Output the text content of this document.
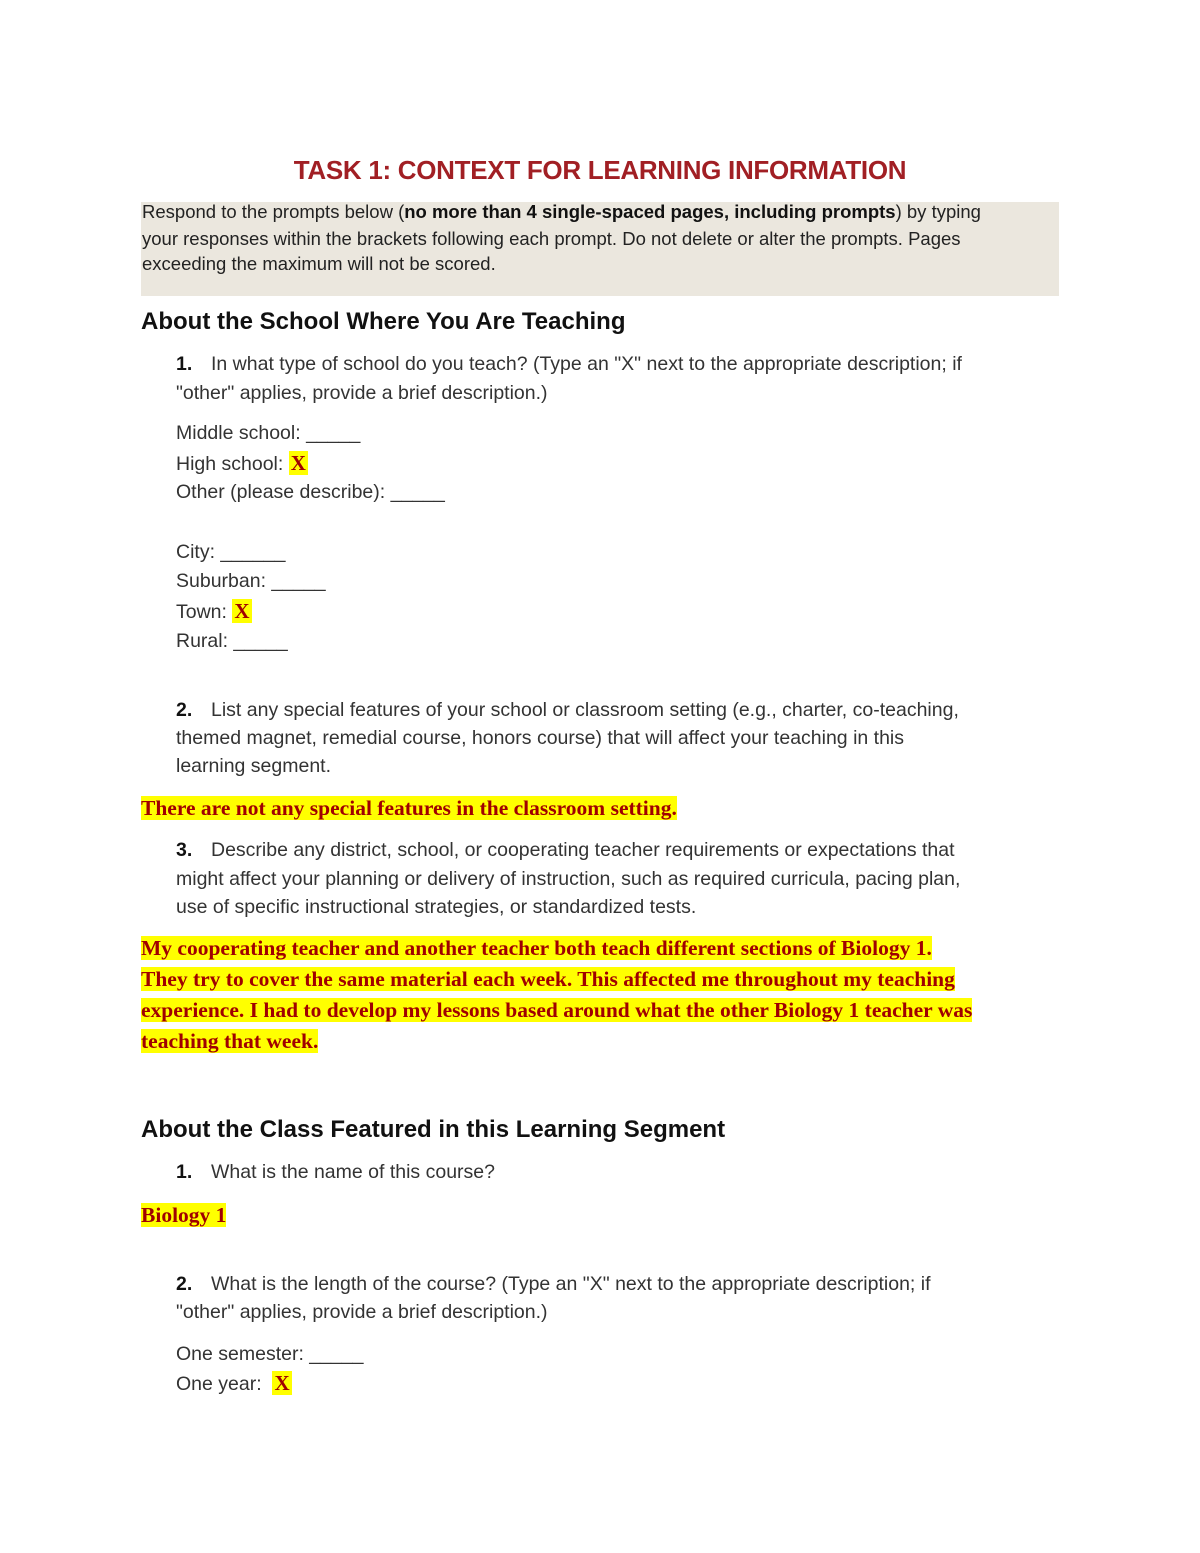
TASK 1: CONTEXT FOR LEARNING INFORMATION
Respond to the prompts below (no more than 4 single-spaced pages, including prompts) by typing
your responses within the brackets following each prompt. Do not delete or alter the prompts. Pages
exceeding the maximum will not be scored.
About the School Where You Are Teaching
1. In what type of school do you teach? (Type an "X" next to the appropriate description; if
"other" applies, provide a brief description.)
Middle school: _____
High school: X
Other (please describe): _____
City: ______
Suburban: _____
Town: X
Rural: _____
2. List any special features of your school or classroom setting (e.g., charter, co-teaching,
themed magnet, remedial course, honors course) that will affect your teaching in this
learning segment.
There are not any special features in the classroom setting.
3. Describe any district, school, or cooperating teacher requirements or expectations that
might affect your planning or delivery of instruction, such as required curricula, pacing plan,
use of specific instructional strategies, or standardized tests.
My cooperating teacher and another teacher both teach different sections of Biology 1.
They try to cover the same material each week. This affected me throughout my teaching
experience. I had to develop my lessons based around what the other Biology 1 teacher was
teaching that week.
About the Class Featured in this Learning Segment
1. What is the name of this course?
Biology 1
2. What is the length of the course? (Type an "X" next to the appropriate description; if
"other" applies, provide a brief description.)
One semester: _____
One year:  X
